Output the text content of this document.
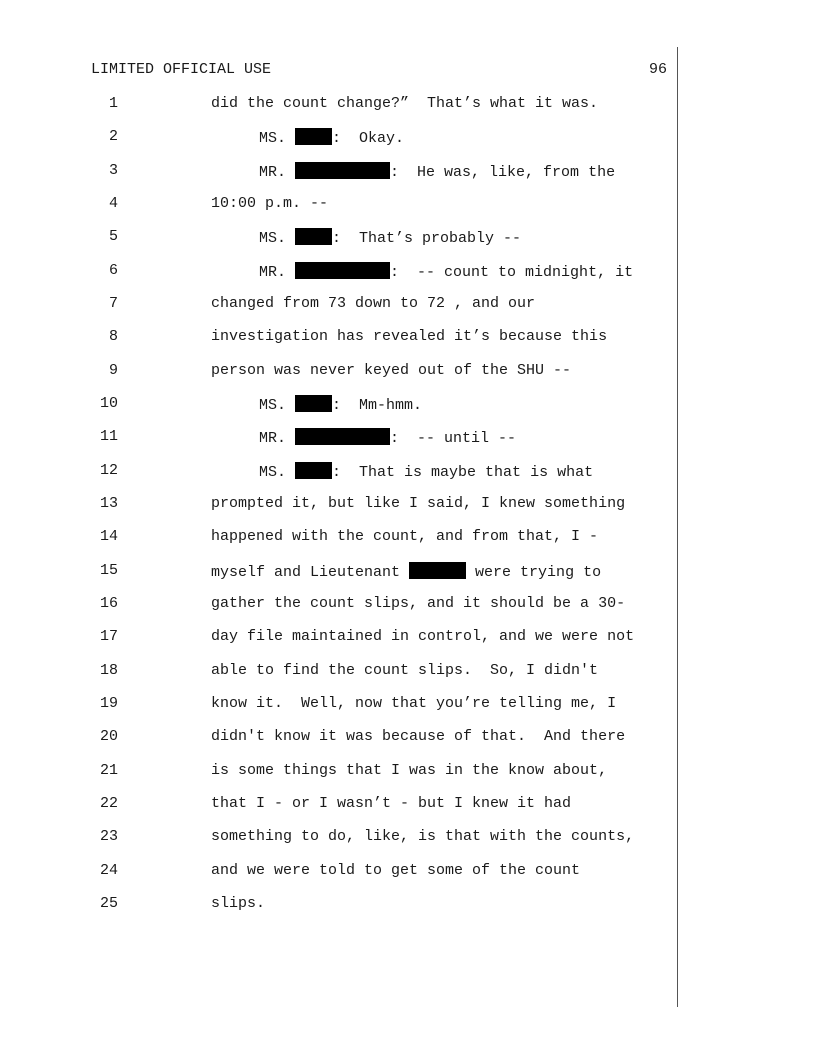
LIMITED OFFICIAL USE	96
1	did the count change?”  That’s what it was.
2	MS.	:  Okay.
3	MR.	:  He was, like, from the
4	10:00 p.m. --
5	MS.	:  That’s probably --
6	MR.	:  -- count to midnight, it
7	changed from 73 down to 72 , and our
8	investigation has revealed it’s because this
9	person was never keyed out of the SHU --
10	MS.	:  Mm-hmm.
11	MR.	:  -- until --
12	MS.	:  That is maybe that is what
13	prompted it, but like I said, I knew something
14	happened with the count, and from that, I -
15	myself and Lieutenant	were trying to
16	gather the count slips, and it should be a 30-
17	day file maintained in control, and we were not
18	able to find the count slips.  So, I didn't
19	know it.  Well, now that you’re telling me, I
20	didn't know it was because of that.  And there
21	is some things that I was in the know about,
22	that I - or I wasn’t - but I knew it had
23	something to do, like, is that with the counts,
24	and we were told to get some of the count
25	slips.
